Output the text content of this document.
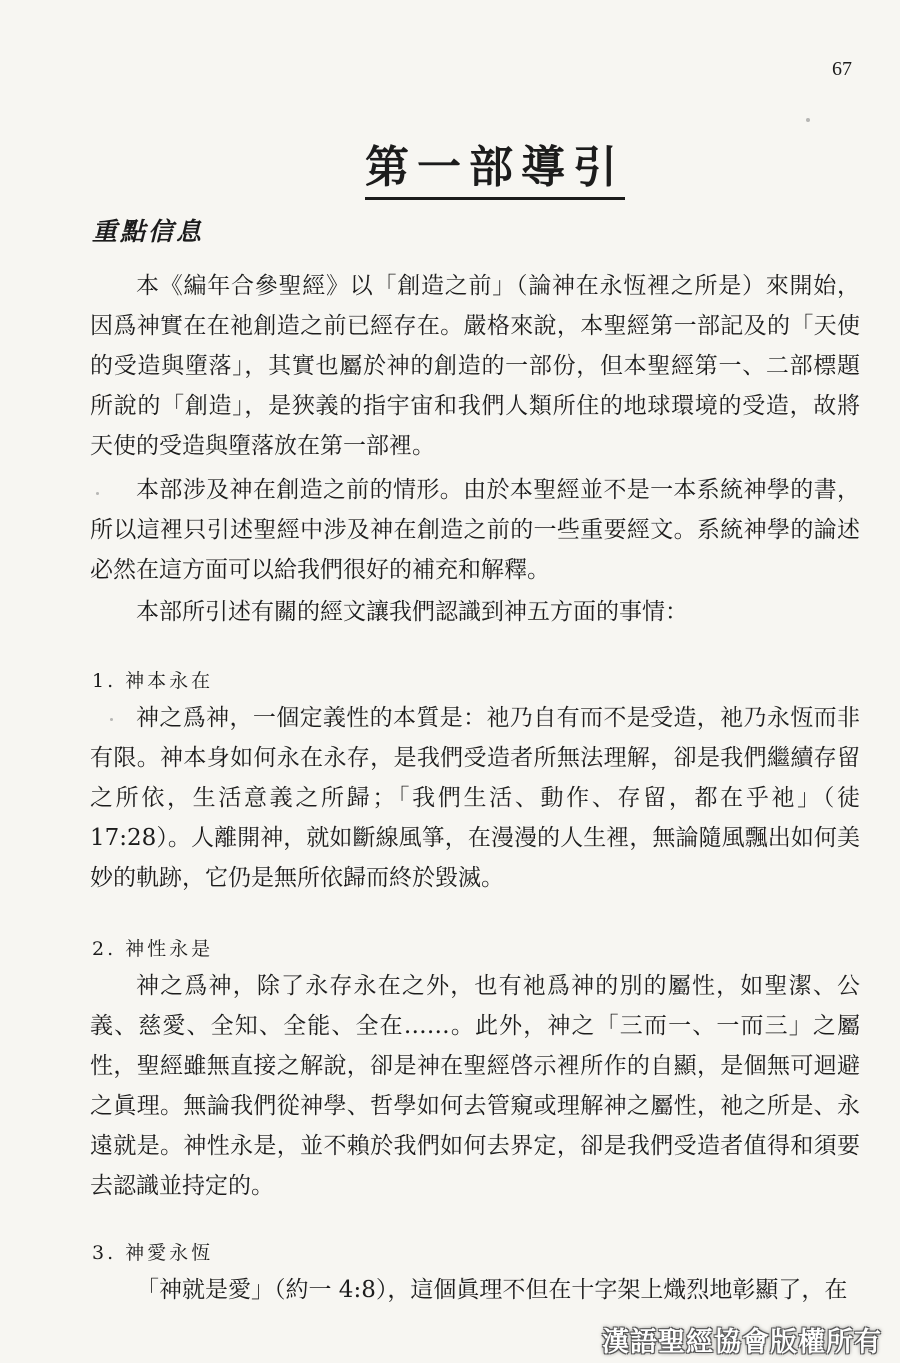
67
第一部導引
重點信息

本《編年合參聖經》以「創造之前」（論神在永恆裡之所是）來開始，因爲神實在在祂創造之前已經存在。嚴格來說，本聖經第一部記及的「天使的受造與墮落」，其實也屬於神的創造的一部份，但本聖經第一、二部標題所說的「創造」，是狹義的指宇宙和我們人類所住的地球環境的受造，故將天使的受造與墮落放在第一部裡。

本部涉及神在創造之前的情形。由於本聖經並不是一本系統神學的書，所以這裡只引述聖經中涉及神在創造之前的一些重要經文。系統神學的論述必然在這方面可以給我們很好的補充和解釋。

本部所引述有關的經文讓我們認識到神五方面的事情：

1. 神本永在

神之爲神，一個定義性的本質是：祂乃自有而不是受造，祂乃永恆而非有限。神本身如何永在永存，是我們受造者所無法理解，卻是我們繼續存留之所依，生活意義之所歸；「我們生活、動作、存留，都在乎祂」（徒 17:28）。人離開神，就如斷線風箏，在漫漫的人生裡，無論隨風飄出如何美妙的軌跡，它仍是無所依歸而終於毀滅。

2. 神性永是

神之爲神，除了永存永在之外，也有祂爲神的別的屬性，如聖潔、公義、慈愛、全知、全能、全在……。此外，神之「三而一、一而三」之屬性，聖經雖無直接之解說，卻是神在聖經啓示裡所作的自顯，是個無可迴避之眞理。無論我們從神學、哲學如何去管窺或理解神之屬性，祂之所是、永遠就是。神性永是，並不賴於我們如何去界定，卻是我們受造者值得和須要去認識並持定的。

3. 神愛永恆

「神就是愛」（約一 4:8），這個眞理不但在十字架上熾烈地彰顯了，在

漢語聖經協會版權所有
